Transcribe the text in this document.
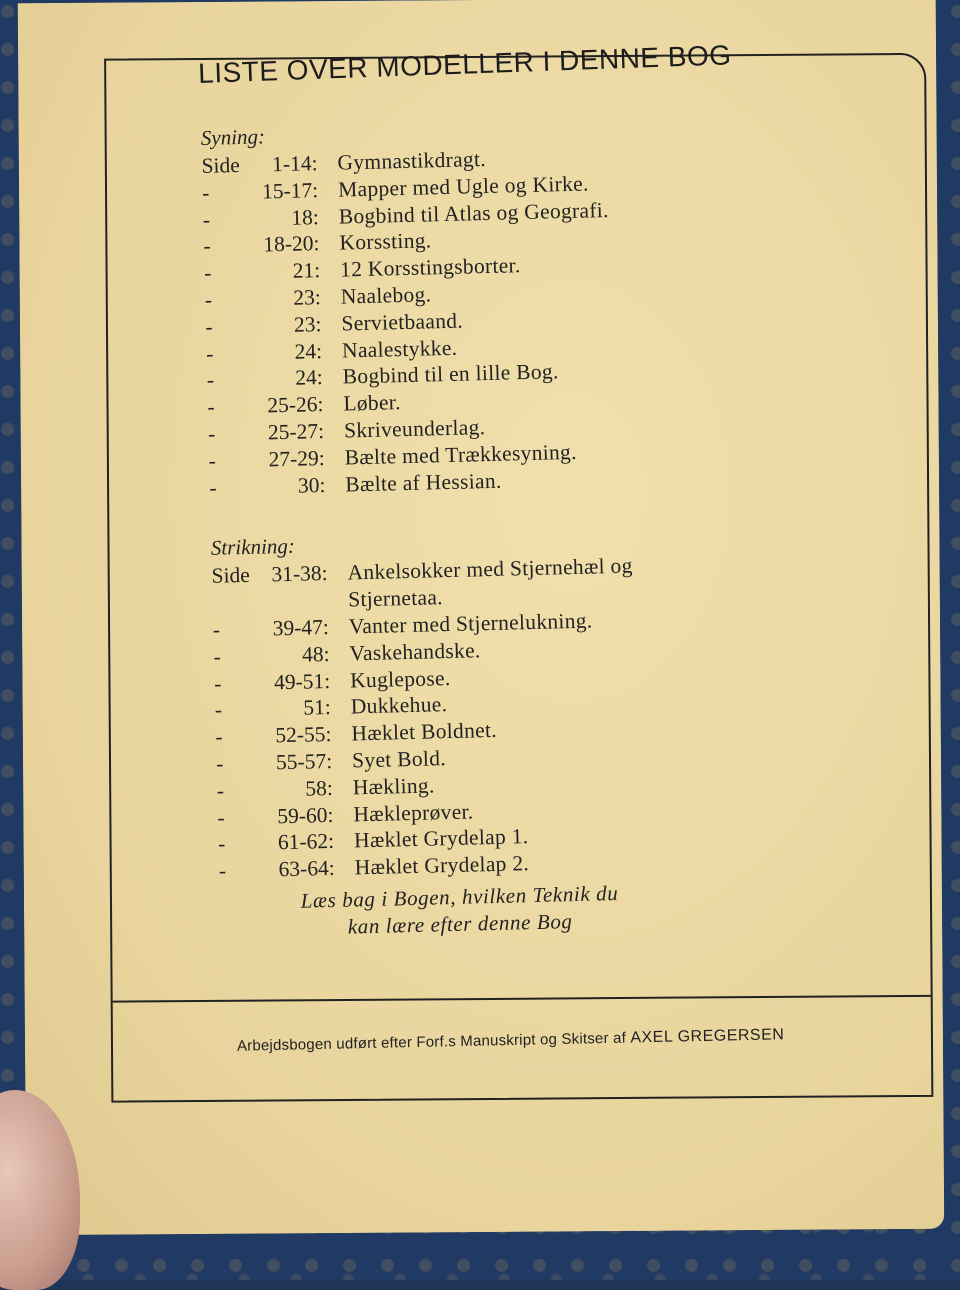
LISTE OVER MODELLER I DENNE BOG
Syning:
Side	1-14: Gymnastikdragt.
-	15-17: Mapper med Ugle og Kirke.
-	18: Bogbind til Atlas og Geografi.
-	18-20: Korssting.
-	21: 12 Korsstingsborter.
-	23: Naalebog.
-	23: Servietbaand.
-	24: Naalestykke.
-	24: Bogbind til en lille Bog.
-	25-26: Løber.
-	25-27: Skriveunderlag.
-	27-29: Bælte med Trækkesyning.
-	30: Bælte af Hessian.
Strikning:
Side 31-38: Ankelsokker med Stjernehæl og
Stjernetaa.
-	39-47: Vanter med Stjernelukning.
-	48: Vaskehandske.
-	49-51: Kuglepose.
-	51: Dukkehue.
-	52-55: Hæklet Boldnet.
-	55-57: Syet Bold.
-	58: Hækling.
-	59-60: Hækleprøver.
-	61-62: Hæklet Grydelap 1.
-	63-64: Hæklet Grydelap 2.
Læs bag i Bogen, hvilken Teknik du
kan lære efter denne Bog
Arbejdsbogen udført efter Forf.s Manuskript og Skitser af AXEL GREGERSEN
